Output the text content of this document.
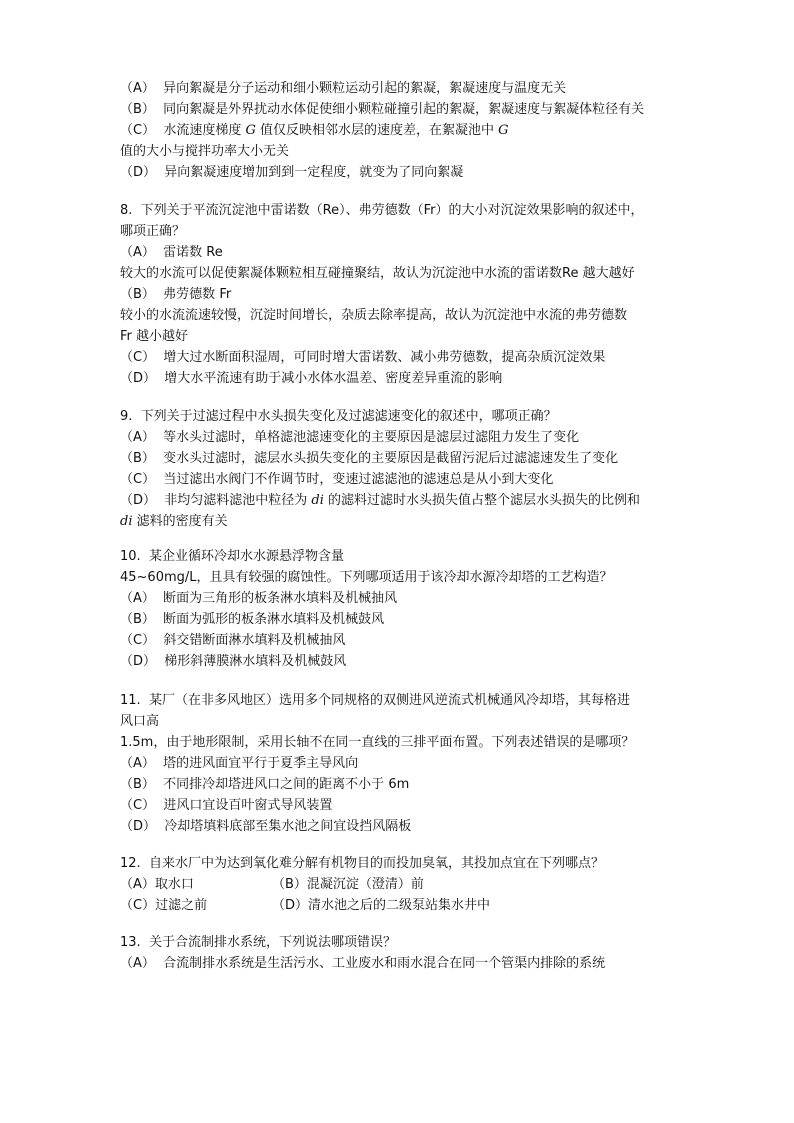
（A）  异向絮凝是分子运动和细小颗粒运动引起的絮凝，絮凝速度与温度无关
（B）  同向絮凝是外界扰动水体促使细小颗粒碰撞引起的絮凝，絮凝速度与絮凝体粒径有关
（C）  水流速度梯度 G 值仅反映相邻水层的速度差，在絮凝池中 G
值的大小与搅拌功率大小无关
（D）  异向絮凝速度增加到到一定程度，就变为了同向絮凝
8.  下列关于平流沉淀池中雷诺数（Re）、弗劳德数（Fr）的大小对沉淀效果影响的叙述中，
哪项正确？
（A）  雷诺数 Re
较大的水流可以促使絮凝体颗粒相互碰撞聚结，故认为沉淀池中水流的雷诺数Re 越大越好
（B）  弗劳德数 Fr
较小的水流流速较慢，沉淀时间增长，杂质去除率提高，故认为沉淀池中水流的弗劳德数
Fr 越小越好
（C）  增大过水断面积湿周，可同时增大雷诺数、减小弗劳德数，提高杂质沉淀效果
（D）  增大水平流速有助于减小水体水温差、密度差异重流的影响
9.  下列关于过滤过程中水头损失变化及过滤滤速变化的叙述中，哪项正确？
（A）  等水头过滤时，单格滤池滤速变化的主要原因是滤层过滤阻力发生了变化
（B）  变水头过滤时，滤层水头损失变化的主要原因是截留污泥后过滤滤速发生了变化
（C）  当过滤出水阀门不作调节时，变速过滤滤池的滤速总是从小到大变化
（D）  非均匀滤料滤池中粒径为 di 的滤料过滤时水头损失值占整个滤层水头损失的比例和
di 滤料的密度有关
10.  某企业循环冷却水水源悬浮物含量
45~60mg/L，且具有较强的腐蚀性。下列哪项适用于该冷却水源冷却塔的工艺构造？
（A）  断面为三角形的板条淋水填料及机械抽风
（B）  断面为弧形的板条淋水填料及机械鼓风
（C）  斜交错断面淋水填料及机械抽风
（D）  梯形斜薄膜淋水填料及机械鼓风
11.  某厂（在非多风地区）选用多个同规格的双侧进风逆流式机械通风冷却塔，其每格进
风口高
1.5m，由于地形限制，采用长轴不在同一直线的三排平面布置。下列表述错误的是哪项？
（A）  塔的进风面宜平行于夏季主导风向
（B）  不同排冷却塔进风口之间的距离不小于 6m
（C）  进风口宜设百叶窗式导风装置
（D）  冷却塔填料底部至集水池之间宜设挡风隔板
12.  自来水厂中为达到氧化难分解有机物目的而投加臭氧，其投加点宜在下列哪点？
（A）取水口	（B）混凝沉淀（澄清）前
（C）过滤之前	（D）清水池之后的二级泵站集水井中
13.  关于合流制排水系统，下列说法哪项错误？
（A）  合流制排水系统是生活污水、工业废水和雨水混合在同一个管渠内排除的系统
